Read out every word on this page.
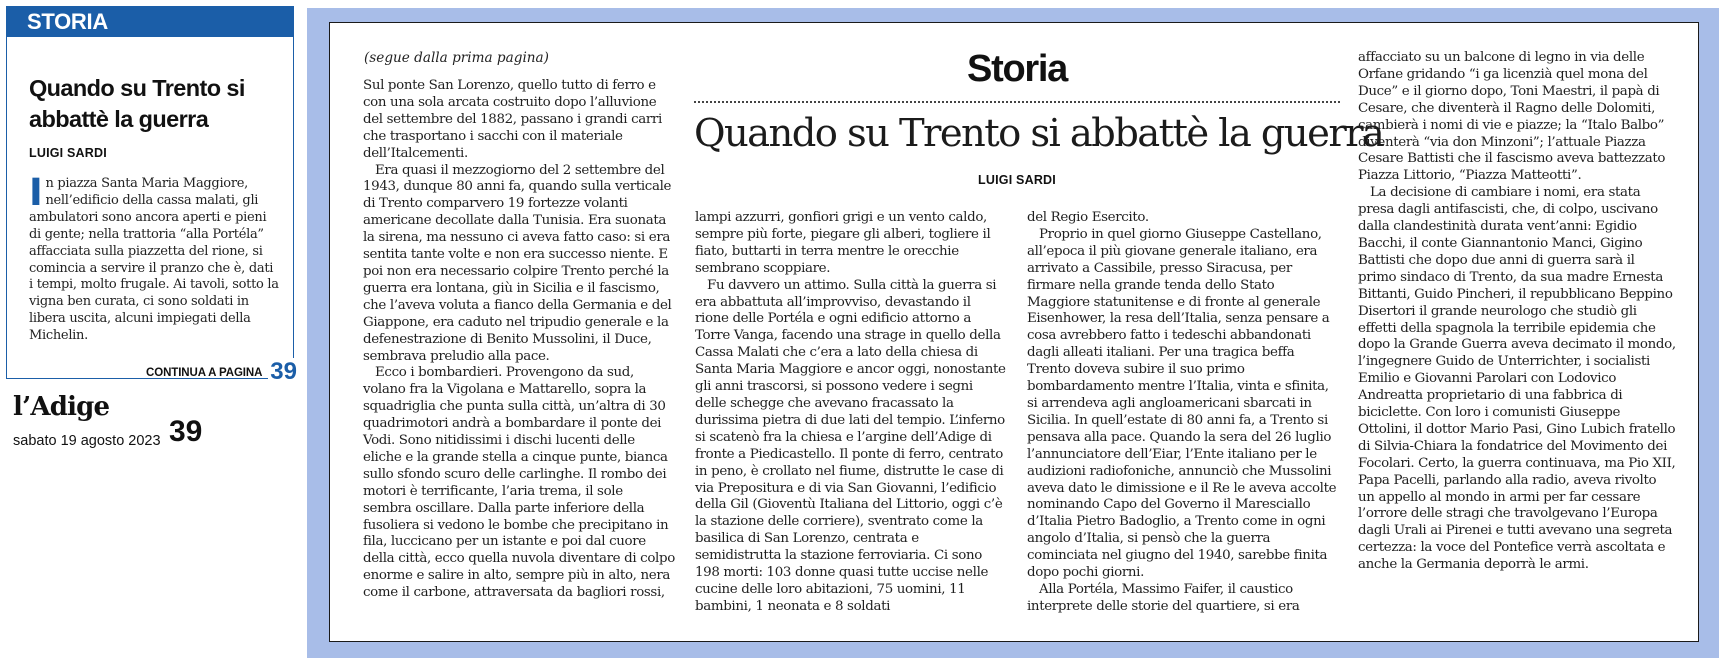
STORIA
Quando su Trento si abbattè la guerra
LUIGI SARDI
In piazza Santa Maria Maggiore, nell’edificio della cassa malati, gli ambulatori sono ancora aperti e pieni di gente; nella trattoria “alla Portéla” affacciata sulla piazzetta del rione, si comincia a servire il pranzo che è, dati i tempi, molto frugale. Ai tavoli, sotto la vigna ben curata, ci sono soldati in libera uscita, alcuni impiegati della Michelin.
CONTINUA A PAGINA 39
l’Adige
sabato 19 agosto 2023 39
(segue dalla prima pagina)	Storia
Quando su Trento si abbattè la guerra
LUIGI SARDI

Sul ponte San Lorenzo, quello tutto di ferro e con una sola arcata costruito dopo l’alluvione del settembre del 1882, passano i grandi carri che trasportano i sacchi con il materiale dell’Italcementi.

Era quasi il mezzogiorno del 2 settembre del 1943, dunque 80 anni fa, quando sulla verticale di Trento comparvero 19 fortezze volanti americane decollate dalla Tunisia. Era suonata la sirena, ma nessuno ci aveva fatto caso: si era sentita tante volte e non era successo niente. E poi non era necessario colpire Trento perché la guerra era lontana, giù in Sicilia e il fascismo, che l’aveva voluta a fianco della Germania e del Giappone, era caduto nel tripudio generale e la defenestrazione di Benito Mussolini, il Duce, sembrava preludio alla pace.

Ecco i bombardieri. Provengono da sud, volano fra la Vigolana e Mattarello, sopra la squadriglia che punta sulla città, un’altra di 30 quadrimotori andrà a bombardare il ponte dei Vodi. Sono nitidissimi i dischi lucenti delle eliche e la grande stella a cinque punte, bianca sullo sfondo scuro delle carlinghe. Il rombo dei motori è terrificante, l’aria trema, il sole sembra oscillare. Dalla parte inferiore della fusoliera si vedono le bombe che precipitano in fila, luccicano per un istante e poi dal cuore della città, ecco quella nuvola diventare di colpo enorme e salire in alto, sempre più in alto, nera come il carbone, attraversata da bagliori rossi,

lampi azzurri, gonfiori grigi e un vento caldo, sempre più forte, piegare gli alberi, togliere il fiato, buttarti in terra mentre le orecchie sembrano scoppiare.

Fu davvero un attimo. Sulla città la guerra si era abbattuta all’improvviso, devastando il rione delle Portéla e ogni edificio attorno a Torre Vanga, facendo una strage in quello della Cassa Malati che c’era a lato della chiesa di Santa Maria Maggiore e ancor oggi, nonostante gli anni trascorsi, si possono vedere i segni delle schegge che avevano fracassato la durissima pietra di due lati del tempio. L’inferno si scatenò fra la chiesa e l’argine dell’Adige di fronte a Piedicastello. Il ponte di ferro, centrato in peno, è crollato nel fiume, distrutte le case di via Prepositura e di via San Giovanni, l’edificio della Gil (Gioventù Italiana del Littorio, oggi c’è la stazione delle corriere), sventrato come la basilica di San Lorenzo, centrata e semidistrutta la stazione ferroviaria. Ci sono 198 morti: 103 donne quasi tutte uccise nelle cucine delle loro abitazioni, 75 uomini, 11 bambini, 1 neonata e 8 soldati

del Regio Esercito.

Proprio in quel giorno Giuseppe Castellano, all’epoca il più giovane generale italiano, era arrivato a Cassibile, presso Siracusa, per firmare nella grande tenda dello Stato Maggiore statunitense e di fronte al generale Eisenhower, la resa dell’Italia, senza pensare a cosa avrebbero fatto i tedeschi abbandonati dagli alleati italiani. Per una tragica beffa Trento doveva subire il suo primo bombardamento mentre l’Italia, vinta e sfinita, si arrendeva agli angloamericani sbarcati in Sicilia. In quell’estate di 80 anni fa, a Trento si pensava alla pace. Quando la sera del 26 luglio l’annunciatore dell’Eiar, l’Ente italiano per le audizioni radiofoniche, annunciò che Mussolini aveva dato le dimissione e il Re le aveva accolte nominando Capo del Governo il Maresciallo d’Italia Pietro Badoglio, a Trento come in ogni angolo d’Italia, si pensò che la guerra cominciata nel giugno del 1940, sarebbe finita dopo pochi giorni.

Alla Portéla, Massimo Faifer, il caustico interprete delle storie del quartiere, si era

affacciato su un balcone di legno in via delle Orfane gridando “i ga licenzià quel mona del Duce” e il giorno dopo, Toni Maestri, il papà di Cesare, che diventerà il Ragno delle Dolomiti, cambierà i nomi di vie e piazze; la “Italo Balbo” diventerà “via don Minzoni”; l’attuale Piazza Cesare Battisti che il fascismo aveva battezzato Piazza Littorio, “Piazza Matteotti”.

La decisione di cambiare i nomi, era stata presa dagli antifascisti, che, di colpo, uscivano dalla clandestinità durata vent’anni: Egidio Bacchi, il conte Giannantonio Manci, Gigino Battisti che dopo due anni di guerra sarà il primo sindaco di Trento, da sua madre Ernesta Bittanti, Guido Pincheri, il repubblicano Beppino Disertori il grande neurologo che studiò gli effetti della spagnola la terribile epidemia che dopo la Grande Guerra aveva decimato il mondo, l’ingegnere Guido de Unterrichter, i socialisti Emilio e Giovanni Parolari con Lodovico Andreatta proprietario di una fabbrica di biciclette. Con loro i comunisti Giuseppe Ottolini, il dottor Mario Pasi, Gino Lubich fratello di Silvia-Chiara la fondatrice del Movimento dei Focolari. Certo, la guerra continuava, ma Pio XII, Papa Pacelli, parlando alla radio, aveva rivolto un appello al mondo in armi per far cessare l’orrore delle stragi che travolgevano l’Europa dagli Urali ai Pirenei e tutti avevano una segreta certezza: la voce del Pontefice verrà ascoltata e anche la Germania deporrà le armi.
